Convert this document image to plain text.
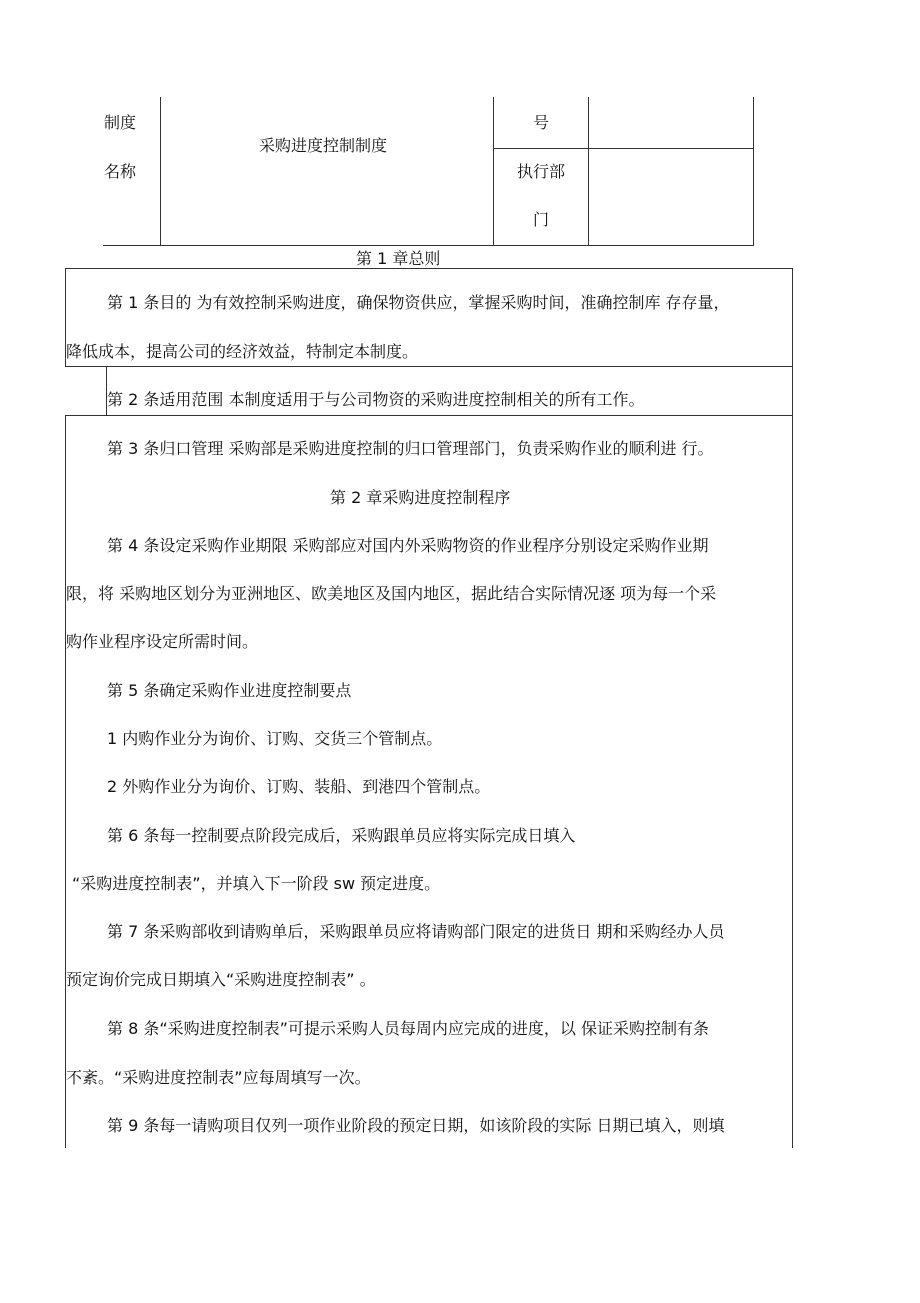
制度
名称
采购进度控制制度
号
执行部
门
第 1 章总则
第 1 条目的 为有效控制采购进度，确保物资供应，掌握采购时间，准确控制库 存存量，
降低成本，提高公司的经济效益，特制定本制度。
第 2 条适用范围 本制度适用于与公司物资的采购进度控制相关的所有工作。
第 3 条归口管理 采购部是采购进度控制的归口管理部门，负责采购作业的顺利进 行。
第 2 章采购进度控制程序
第 4 条设定采购作业期限 采购部应对国内外采购物资的作业程序分别设定采购作业期
限，将 采购地区划分为亚洲地区、欧美地区及国内地区，据此结合实际情况逐 项为每一个采
购作业程序设定所需时间。
第 5 条确定采购作业进度控制要点
1 内购作业分为询价、订购、交货三个管制点。
2 外购作业分为询价、订购、装船、到港四个管制点。
第 6 条每一控制要点阶段完成后，采购跟单员应将实际完成日填入
“采购进度控制表”，并填入下一阶段 sw 预定进度。
第 7 条采购部收到请购单后，采购跟单员应将请购部门限定的进货日 期和采购经办人员
预定询价完成日期填入“采购进度控制表” 。
第 8 条“采购进度控制表”可提示采购人员每周内应完成的进度，以 保证采购控制有条
不紊。“采购进度控制表”应每周填写一次。
第 9 条每一请购项目仅列一项作业阶段的预定日期，如该阶段的实际 日期已填入，则填
